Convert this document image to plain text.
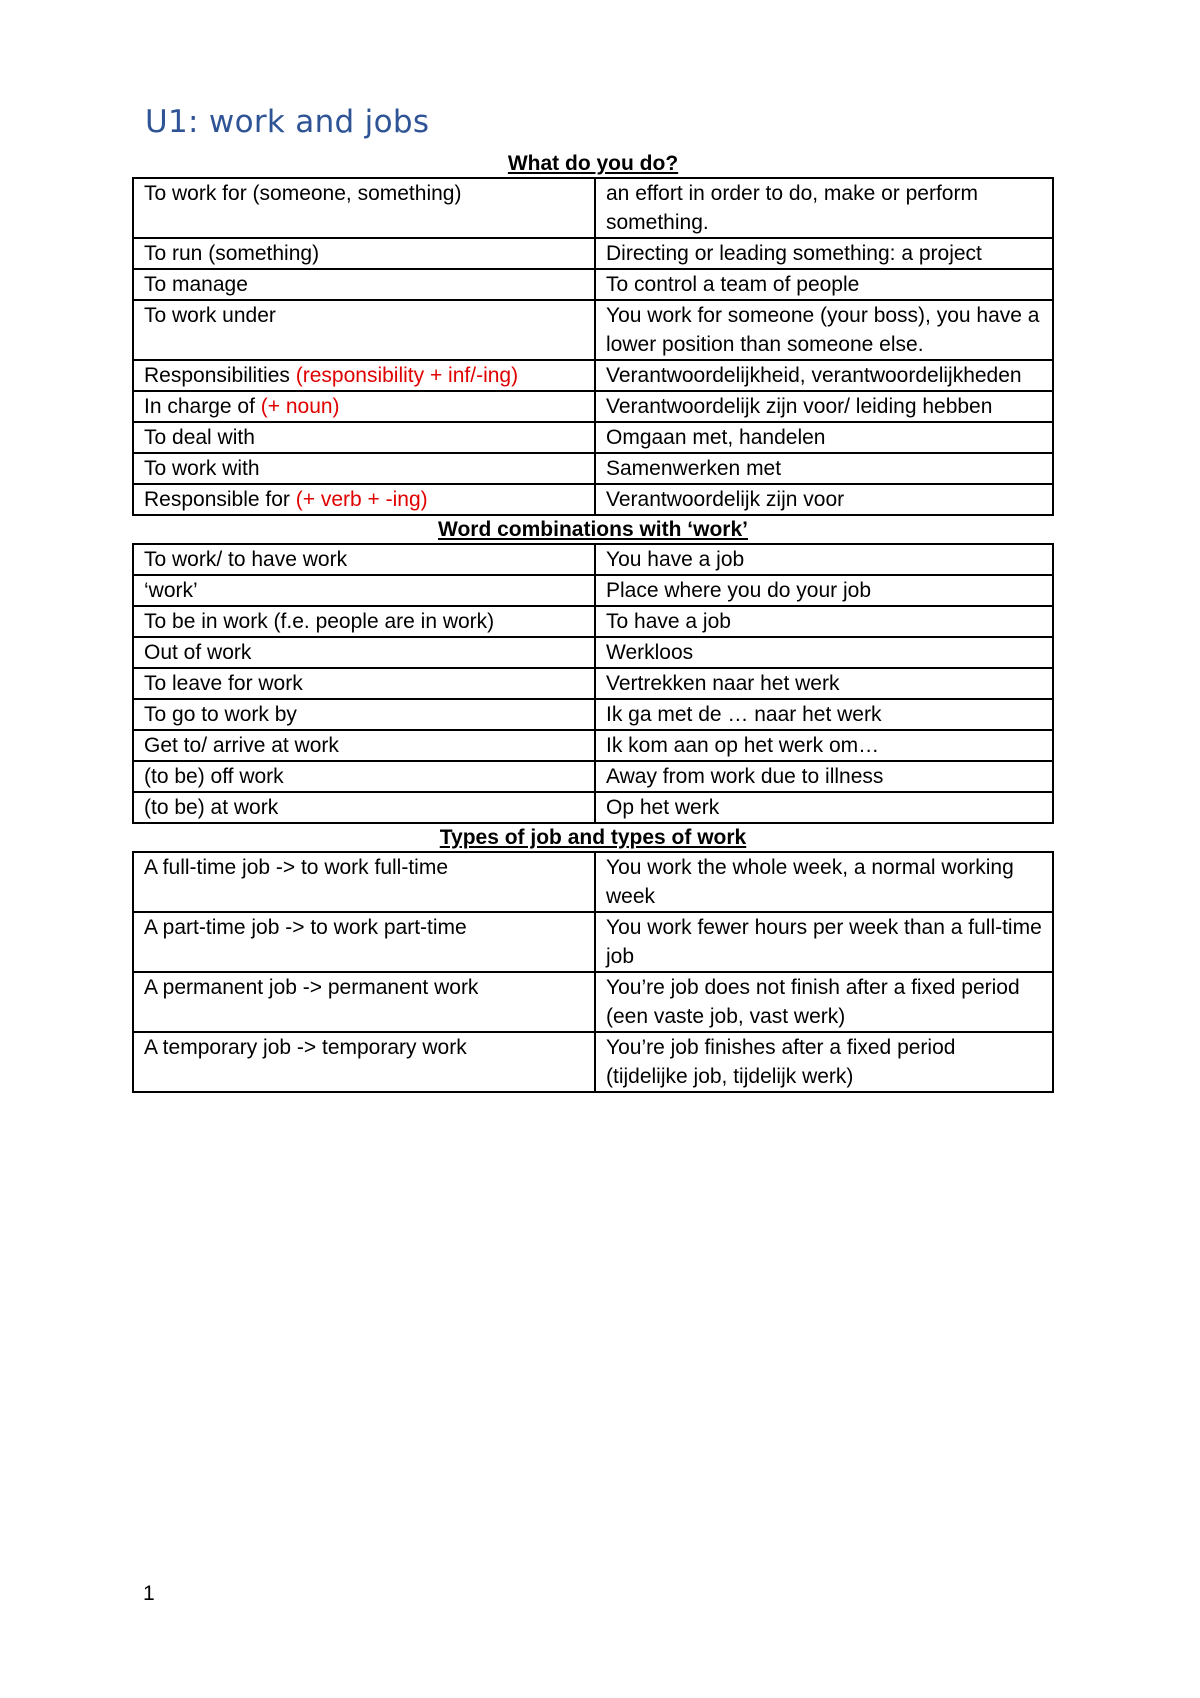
U1: work and jobs
What do you do?
To work for (someone, something)	an effort in order to do, make or perform something.
To run (something)	Directing or leading something: a project
To manage	To control a team of people
To work under	You work for someone (your boss), you have a lower position than someone else.
Responsibilities (responsibility + inf/-ing)	Verantwoordelijkheid, verantwoordelijkheden
In charge of (+ noun)	Verantwoordelijk zijn voor/ leiding hebben
To deal with	Omgaan met, handelen
To work with	Samenwerken met
Responsible for (+ verb + -ing)	Verantwoordelijk zijn voor
Word combinations with ‘work’
To work/ to have work	You have a job
‘work’	Place where you do your job
To be in work (f.e. people are in work)	To have a job
Out of work	Werkloos
To leave for work	Vertrekken naar het werk
To go to work by	Ik ga met de … naar het werk
Get to/ arrive at work	Ik kom aan op het werk om…
(to be) off work	Away from work due to illness
(to be) at work	Op het werk
Types of job and types of work
A full-time job -> to work full-time	You work the whole week, a normal working week
A part-time job -> to work part-time	You work fewer hours per week than a full-time job
A permanent job -> permanent work	You’re job does not finish after a fixed period (een vaste job, vast werk)
A temporary job -> temporary work	You’re job finishes after a fixed period (tijdelijke job, tijdelijk werk)
1
